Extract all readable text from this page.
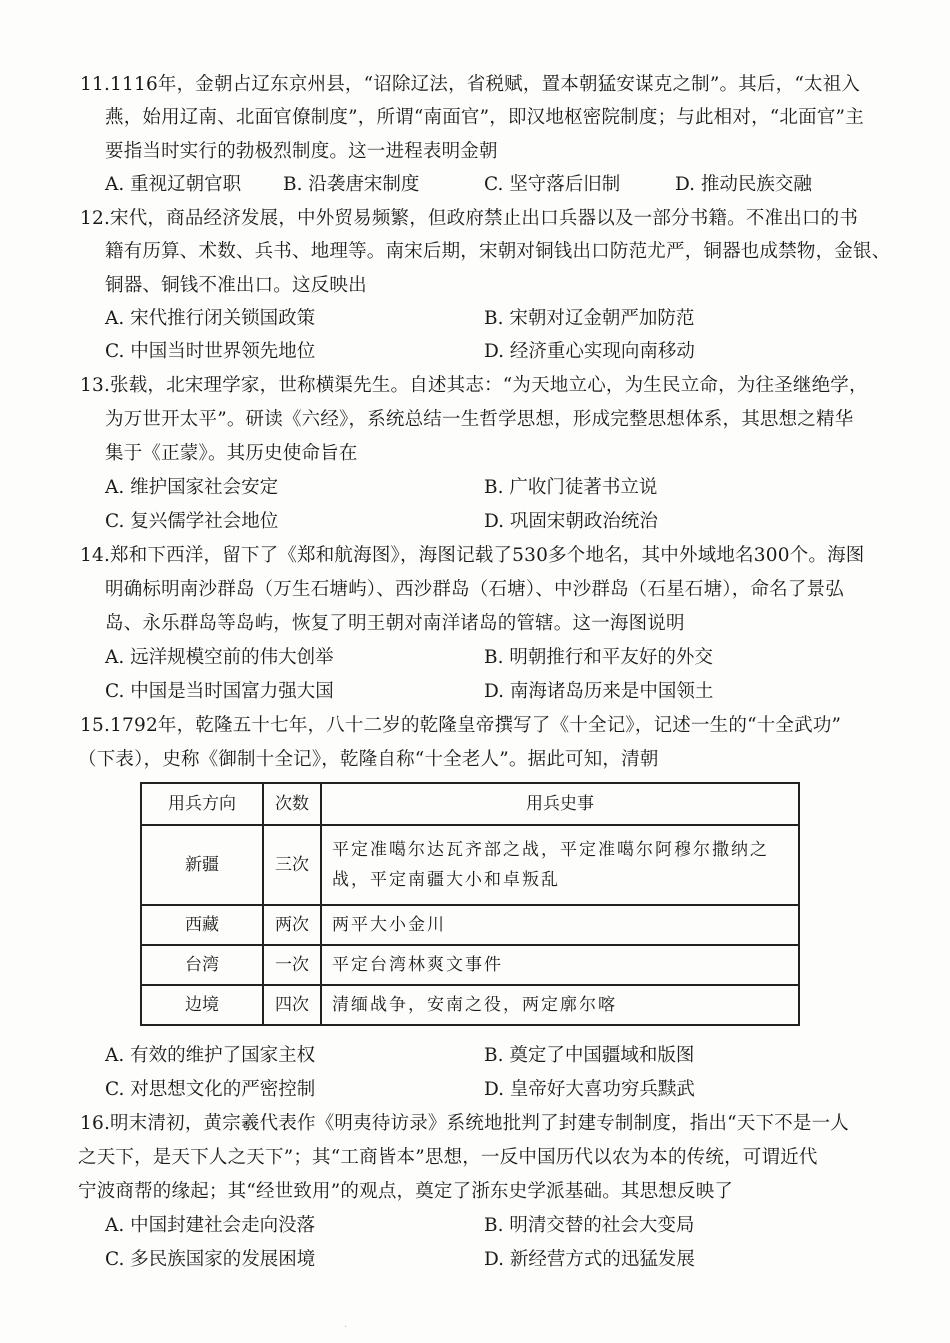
11.1116年，金朝占辽东京州县，“诏除辽法，省税赋，置本朝猛安谋克之制”。其后，“太祖入
燕，始用辽南、北面官僚制度”，所谓“南面官”，即汉地枢密院制度；与此相对，“北面官”主
要指当时实行的勃极烈制度。这一进程表明金朝
A. 重视辽朝官职 B. 沿袭唐宋制度	C. 坚守落后旧制	D. 推动民族交融
12.宋代，商品经济发展，中外贸易频繁，但政府禁止出口兵器以及一部分书籍。不准出口的书
籍有历算、术数、兵书、地理等。南宋后期，宋朝对铜钱出口防范尤严，铜器也成禁物，金银、
铜器、铜钱不准出口。这反映出
A. 宋代推行闭关锁国政策	B. 宋朝对辽金朝严加防范
C. 中国当时世界领先地位	D. 经济重心实现向南移动
13.张载，北宋理学家，世称横渠先生。自述其志：“为天地立心，为生民立命，为往圣继绝学，
为万世开太平”。研读《六经》，系统总结一生哲学思想，形成完整思想体系，其思想之精华
集于《正蒙》。其历史使命旨在
A. 维护国家社会安定	B. 广收门徒著书立说
C. 复兴儒学社会地位	D. 巩固宋朝政治统治
14.郑和下西洋，留下了《郑和航海图》，海图记载了530多个地名，其中外域地名300个。海图
明确标明南沙群岛（万生石塘屿）、西沙群岛（石塘）、中沙群岛（石星石塘），命名了景弘
岛、永乐群岛等岛屿，恢复了明王朝对南洋诸岛的管辖。这一海图说明
A. 远洋规模空前的伟大创举	B. 明朝推行和平友好的外交
C. 中国是当时国富力强大国	D. 南海诸岛历来是中国领土
15.1792年，乾隆五十七年，八十二岁的乾隆皇帝撰写了《十全记》，记述一生的“十全武功”
（下表），史称《御制十全记》，乾隆自称“十全老人”。据此可知，清朝
用兵方向	次数	用兵史事
新疆	三次	平定准噶尔达瓦齐部之战，平定准噶尔阿穆尔撒纳之
战，平定南疆大小和卓叛乱

西藏	两次	两平大小金川
台湾	一次	平定台湾林爽文事件
边境	四次	清缅战争，安南之役，两定廓尔喀
A. 有效的维护了国家主权	B. 奠定了中国疆域和版图
C. 对思想文化的严密控制	D. 皇帝好大喜功穷兵黩武
16.明末清初，黄宗羲代表作《明夷待访录》系统地批判了封建专制制度，指出“天下不是一人
之天下，是天下人之天下”；其“工商皆本”思想，一反中国历代以农为本的传统，可谓近代
宁波商帮的缘起；其“经世致用”的观点，奠定了浙东史学派基础。其思想反映了
A. 中国封建社会走向没落	B. 明清交替的社会大变局
C. 多民族国家的发展困境	D. 新经营方式的迅猛发展
·
